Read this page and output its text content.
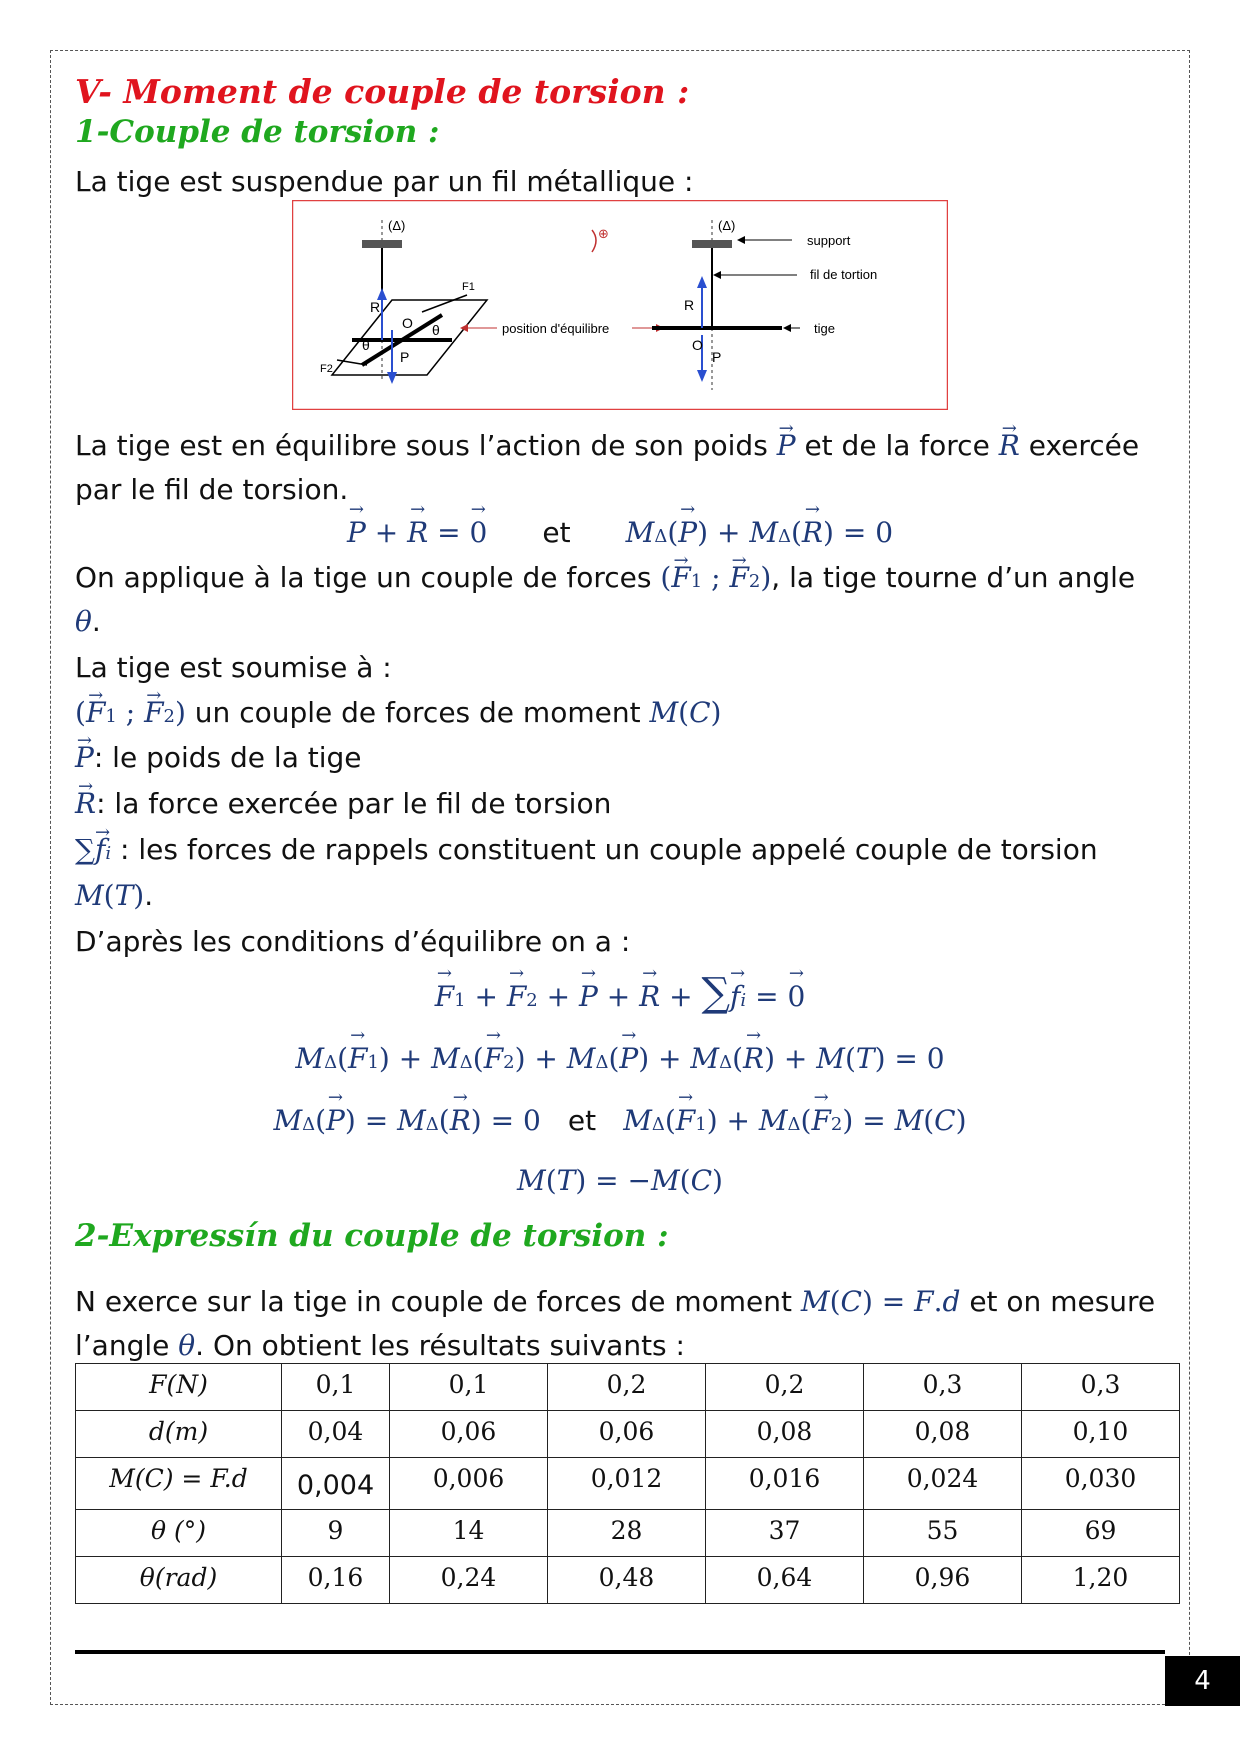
V- Moment de couple de torsion :
1-Couple de torsion :
La tige est suspendue par un fil métallique :
(Δ)
R
O θ
θ
P
F1
F2
⊕
position d'équilibre
(Δ)
R
O
P
support
fil de tortion
tige
La tige est en équilibre sous l’action de son poids → P et de la force → R exercée
par le fil de torsion.
→ P + → R = → 0 et MΔ(→ P) + MΔ(→ R) = 0
On applique à la tige un couple de forces (→ F1 ; → F2), la tige tourne d’un angle
θ.
La tige est soumise à :
(→ F1 ; → F2) un couple de forces de moment M(C)
→ P: le poids de la tige
→ R: la force exercée par le fil de torsion
∑→ fi : les forces de rappels constituent un couple appelé couple de torsion
M(T).
D’après les conditions d’équilibre on a :
→ F1 + → F2 + → P + → R + ∑→ fi = → 0
MΔ(→ F1) + MΔ(→ F2) + MΔ(→ P) + MΔ(→ R) + M(T) = 0
MΔ(→ P) = MΔ(→ R) = 0 et MΔ(→ F1) + MΔ(→ F2) = M(C)
M(T) = −M(C)
2-Expressín du couple de torsion :
N exerce sur la tige in couple de forces de moment M(C) = F.d et on mesure
l’angle θ. On obtient les résultats suivants :
F(N)	0,1	0,1	0,2	0,2	0,3	0,3
d(m)	0,04	0,06	0,06	0,08	0,08	0,10
M(C) = F.d	0,004	0,006	0,012	0,016	0,024	0,030
θ (°)	9	14	28	37	55	69
θ(rad)	0,16	0,24	0,48	0,64	0,96	1,20
4
